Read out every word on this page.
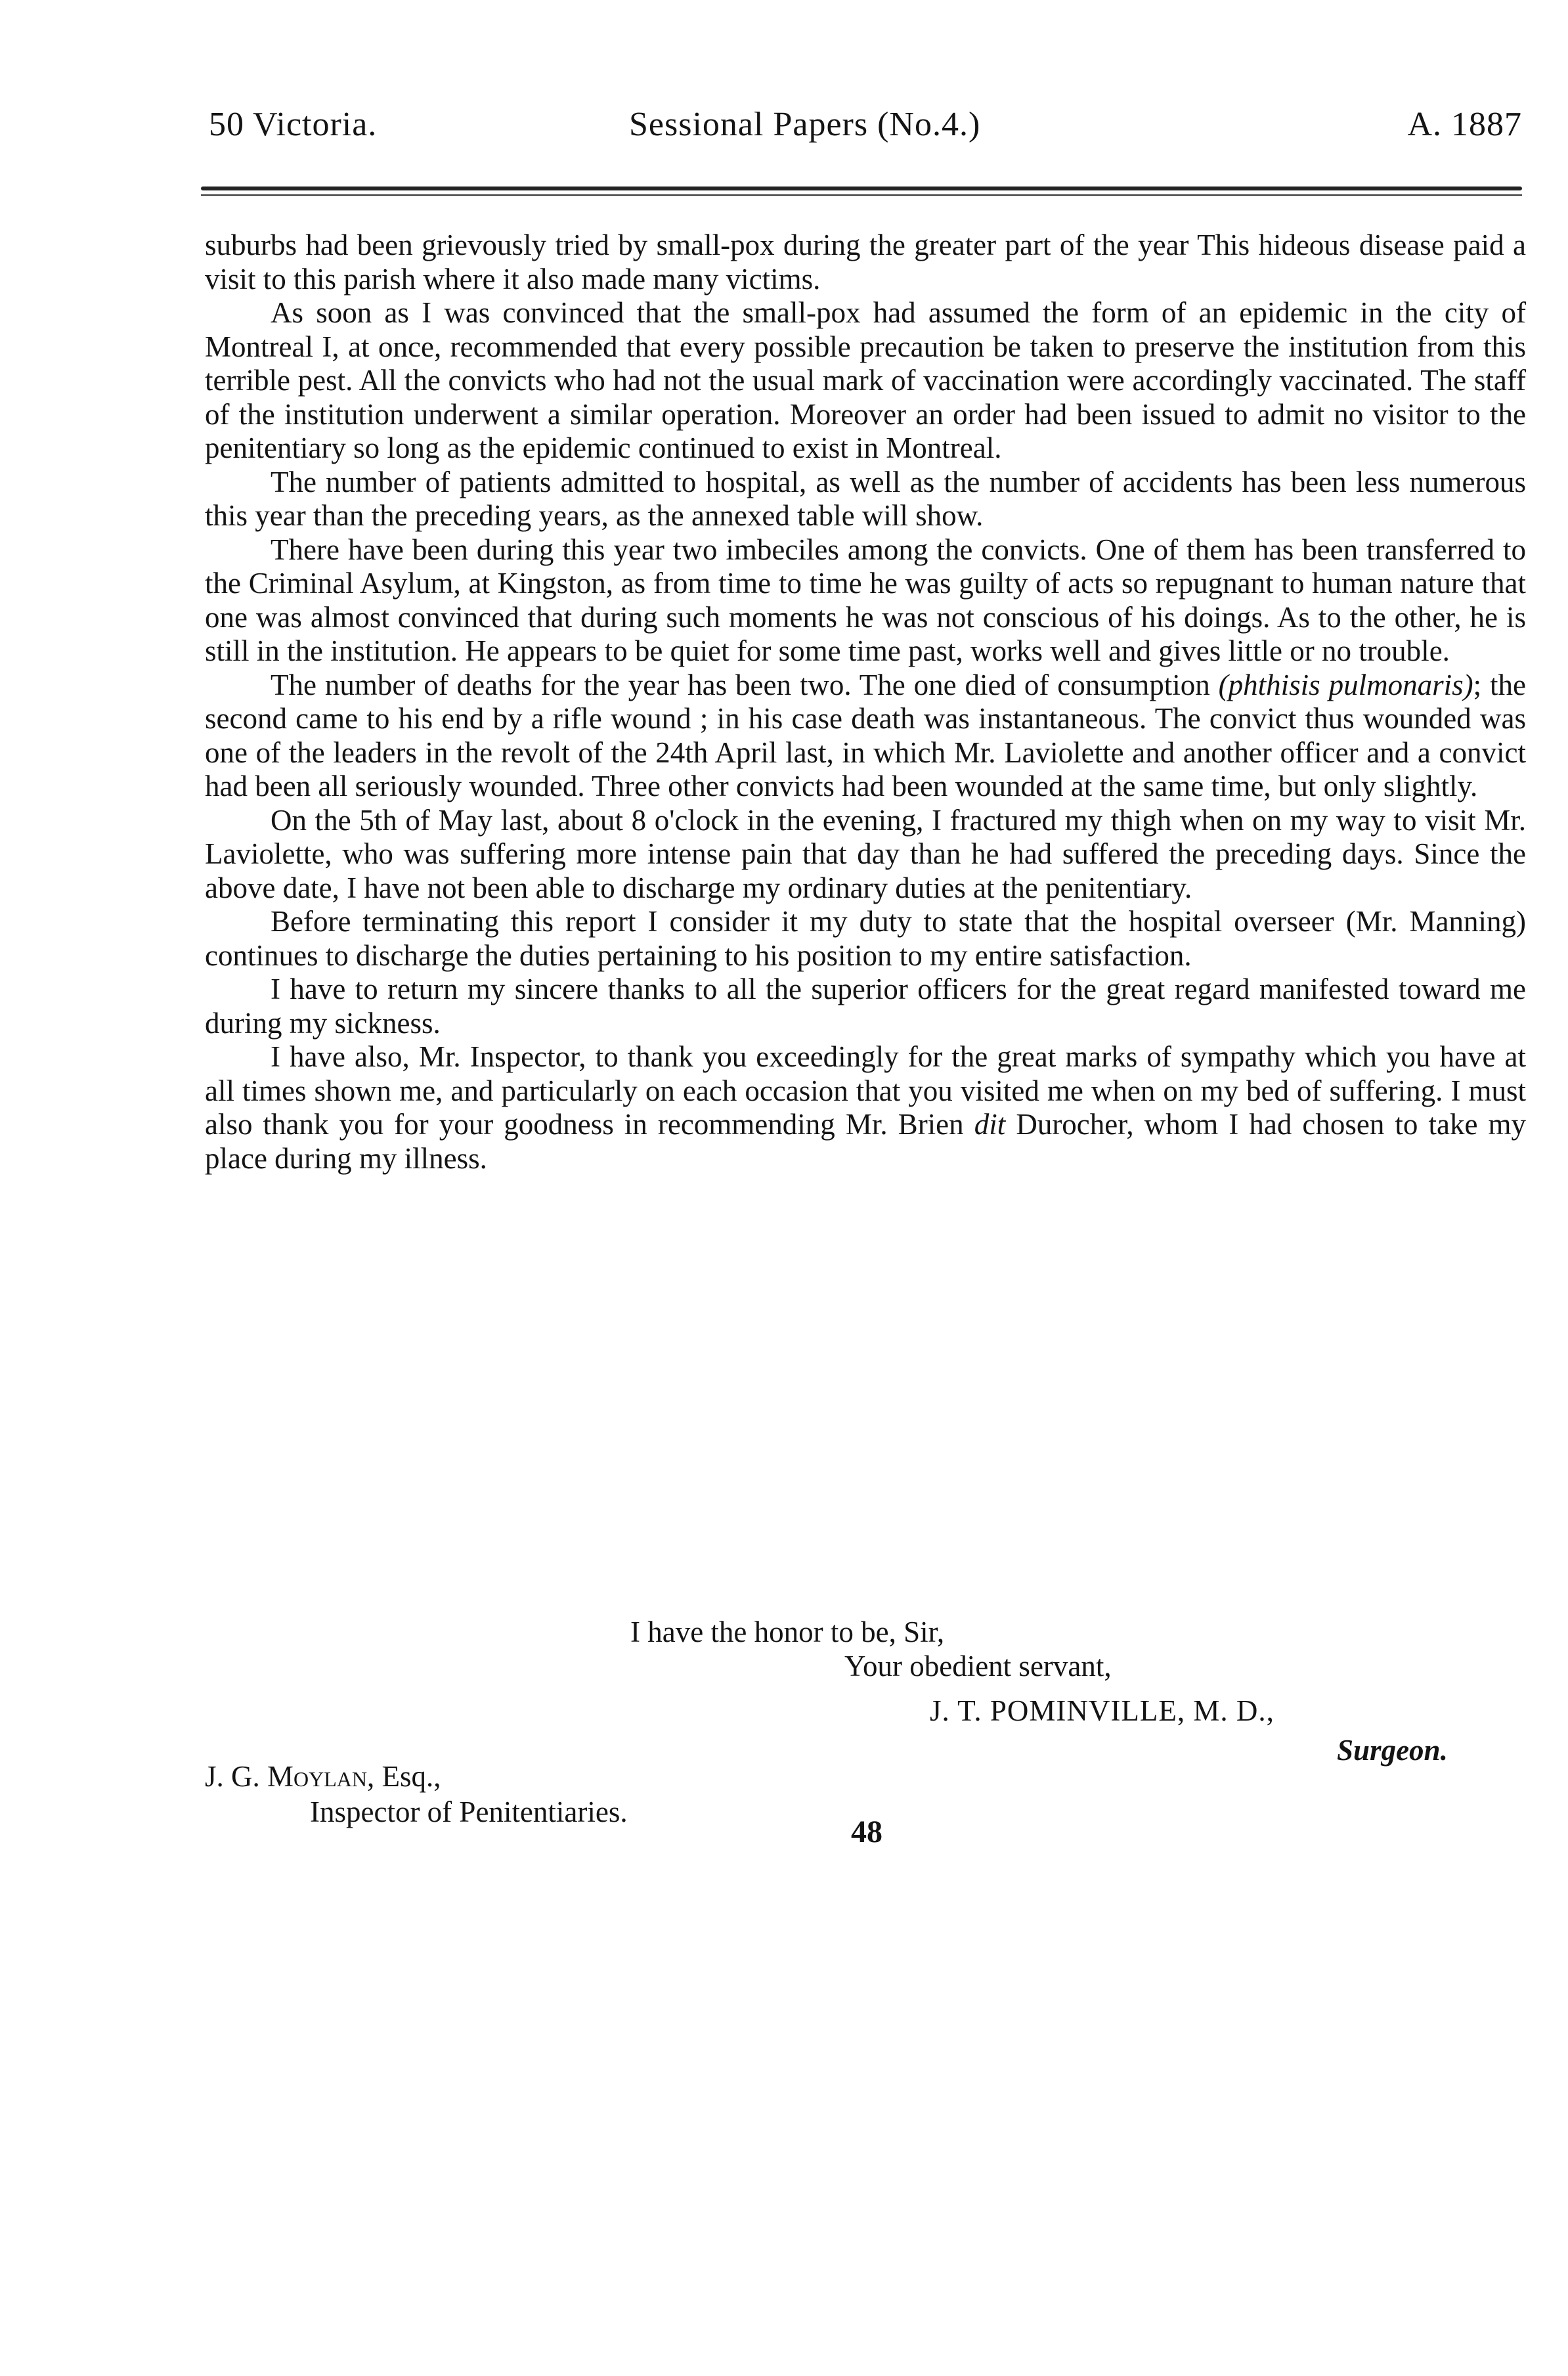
50 Victoria.	Sessional Papers (No.4.)	A. 1887

suburbs had been grievously tried by small-pox during the greater part of the year This hideous disease paid a visit to this parish where it also made many victims.

As soon as I was convinced that the small-pox had assumed the form of an epidemic in the city of Montreal I, at once, recommended that every possible precaution be taken to preserve the institution from this terrible pest. All the convicts who had not the usual mark of vaccination were accordingly vaccinated. The staff of the institution underwent a similar operation. Moreover an order had been issued to admit no visitor to the penitentiary so long as the epidemic continued to exist in Montreal.

The number of patients admitted to hospital, as well as the number of accidents has been less numerous this year than the preceding years, as the annexed table will show.

There have been during this year two imbeciles among the convicts. One of them has been transferred to the Criminal Asylum, at Kingston, as from time to time he was guilty of acts so repugnant to human nature that one was almost convinced that during such moments he was not conscious of his doings. As to the other, he is still in the institution. He appears to be quiet for some time past, works well and gives little or no trouble.

The number of deaths for the year has been two. The one died of consumption (phthisis pulmonaris); the second came to his end by a rifle wound ; in his case death was instantaneous. The convict thus wounded was one of the leaders in the revolt of the 24th April last, in which Mr. Laviolette and another officer and a convict had been all seriously wounded. Three other convicts had been wounded at the same time, but only slightly.

On the 5th of May last, about 8 o'clock in the evening, I fractured my thigh when on my way to visit Mr. Laviolette, who was suffering more intense pain that day than he had suffered the preceding days. Since the above date, I have not been able to discharge my ordinary duties at the penitentiary.

Before terminating this report I consider it my duty to state that the hospital overseer (Mr. Manning) continues to discharge the duties pertaining to his position to my entire satisfaction.

I have to return my sincere thanks to all the superior officers for the great regard manifested toward me during my sickness.

I have also, Mr. Inspector, to thank you exceedingly for the great marks of sympathy which you have at all times shown me, and particularly on each occasion that you visited me when on my bed of suffering. I must also thank you for your goodness in recommending Mr. Brien dit Durocher, whom I had chosen to take my place during my illness.

I have the honor to be, Sir,
Your obedient servant,
J. T. POMINVILLE, M. D.,
Surgeon.
J. G. Moylan, Esq.,
Inspector of Penitentiaries.
48
